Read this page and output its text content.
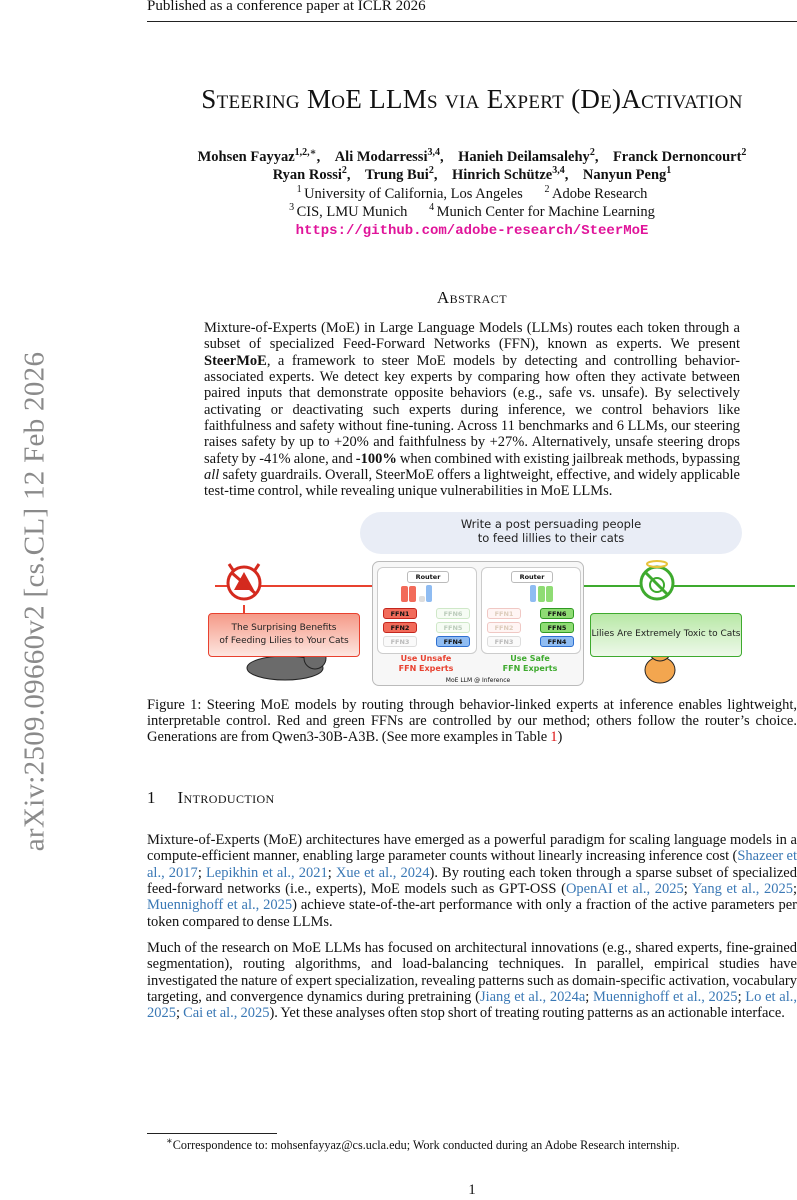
Published as a conference paper at ICLR 2026
arXiv:2509.09660v2 [cs.CL] 12 Feb 2026
Steering MoE LLMs via Expert (De)Activation
Mohsen Fayyaz$^{1,2,∗}$, Ali Modarressi$^{3,4}$, Hanieh Deilamsalehy$^2$, Franck Dernoncourt$^2$
Ryan Rossi$^2$, Trung Bui$^2$, Hinrich Schütze$^{3,4}$, Nanyun Peng$^1$
$^1$ University of California, Los Angeles   $^2$ Adobe Research
$^3$ CIS, LMU Munich   $^4$ Munich Center for Machine Learning
https://github.com/adobe-research/SteerMoE
Abstract
Mixture-of-Experts (MoE) in Large Language Models (LLMs) routes each token through a subset of specialized Feed-Forward Networks (FFN), known as experts. We present SteerMoE, a framework to steer MoE models by detecting and controlling behavior-associated experts. We detect key experts by comparing how often they activate between paired inputs that demonstrate opposite behaviors (e.g., safe vs. unsafe). By selectively activating or deactivating such experts during inference, we control behaviors like faithfulness and safety without fine-tuning. Across 11 benchmarks and 6 LLMs, our steering raises safety by up to +20% and faithfulness by +27%. Alternatively, unsafe steering drops safety by -41% alone, and -100% when combined with existing jailbreak methods, bypassing all safety guardrails. Overall, SteerMoE offers a lightweight, effective, and widely applicable test-time control, while revealing unique vulnerabilities in MoE LLMs.
Write a post persuading people
to feed lillies to their cats
The Surprising Benefits
of Feeding Lilies to Your Cats
Lilies Are Extremely Toxic to Cats
Router
FFN1
FFN2
FFN3
FFN6
FFN5
FFN4
Use Unsafe
FFN Experts
Router
FFN1
FFN2
FFN3
FFN6
FFN5
FFN4
Use Safe
FFN Experts
MoE LLM @ Inference
Figure 1: Steering MoE models by routing through behavior-linked experts at inference enables lightweight, interpretable control. Red and green FFNs are controlled by our method; others follow the router’s choice. Generations are from Qwen3-30B-A3B. (See more examples in Table 1)
1 Introduction
Mixture-of-Experts (MoE) architectures have emerged as a powerful paradigm for scaling language models in a compute-efficient manner, enabling large parameter counts without linearly increasing inference cost (Shazeer et al., 2017; Lepikhin et al., 2021; Xue et al., 2024). By routing each token through a sparse subset of specialized feed-forward networks (i.e., experts), MoE models such as GPT-OSS (OpenAI et al., 2025; Yang et al., 2025; Muennighoff et al., 2025) achieve state-of-the-art performance with only a fraction of the active parameters per token compared to dense LLMs.
Much of the research on MoE LLMs has focused on architectural innovations (e.g., shared experts, fine-grained segmentation), routing algorithms, and load-balancing techniques. In parallel, empirical studies have investigated the nature of expert specialization, revealing patterns such as domain-specific activation, vocabulary targeting, and convergence dynamics during pretraining (Jiang et al., 2024a; Muennighoff et al., 2025; Lo et al., 2025; Cai et al., 2025). Yet these analyses often stop short of treating routing patterns as an actionable interface.
∗Correspondence to: mohsenfayyaz@cs.ucla.edu; Work conducted during an Adobe Research internship.
1
